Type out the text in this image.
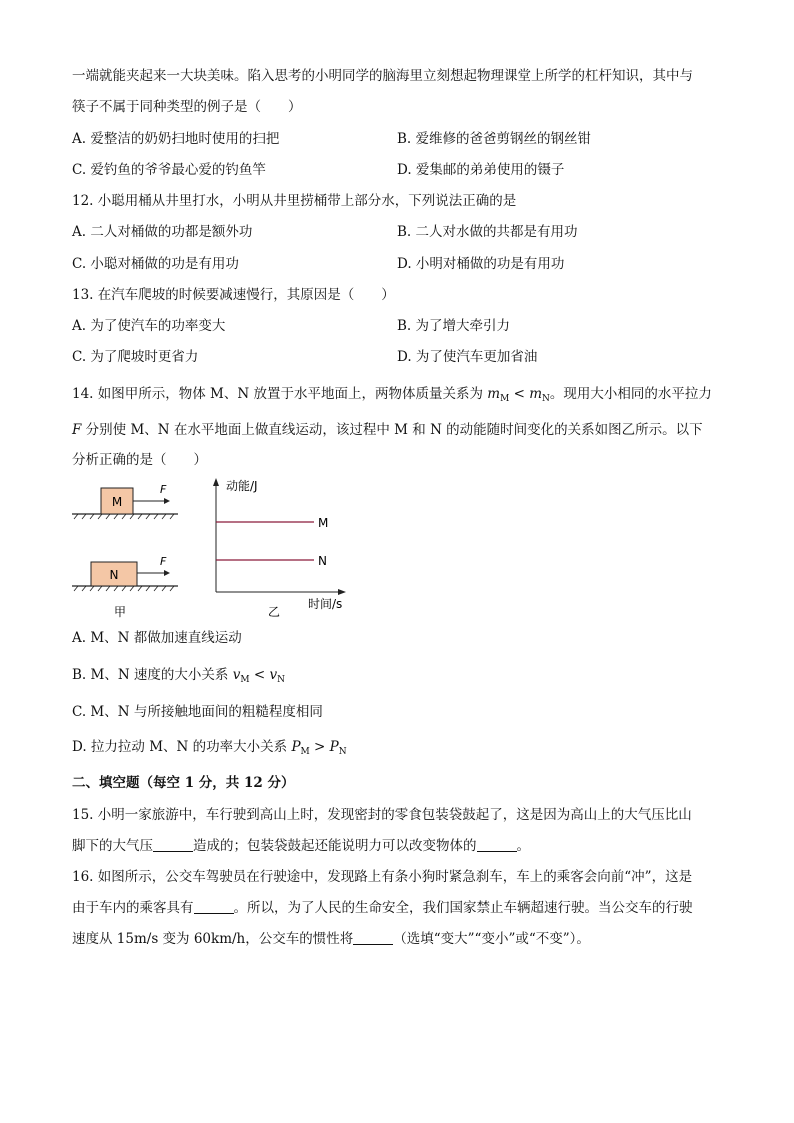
一端就能夹起来一大块美味。陷入思考的小明同学的脑海里立刻想起物理课堂上所学的杠杆知识，其中与
筷子不属于同种类型的例子是（　　）
A. 爱整洁的奶奶扫地时使用的扫把	B. 爱维修的爸爸剪钢丝的钢丝钳
C. 爱钓鱼的爷爷最心爱的钓鱼竿	D. 爱集邮的弟弟使用的镊子
12. 小聪用桶从井里打水，小明从井里捞桶带上部分水，下列说法正确的是
A. 二人对桶做的功都是额外功	B. 二人对水做的共都是有用功
C. 小聪对桶做的功是有用功	D. 小明对桶做的功是有用功
13. 在汽车爬坡的时候要减速慢行，其原因是（　　）
A. 为了使汽车的功率变大	B. 为了增大牵引力
C. 为了爬坡时更省力	D. 为了使汽车更加省油
14. 如图甲所示，物体 M、N 放置于水平地面上，两物体质量关系为 $m_M < m_N$。现用大小相同的水平拉力
F 分别使 M、N 在水平地面上做直线运动，该过程中 M 和 N 的动能随时间变化的关系如图乙所示。以下
分析正确的是（　　）
M
F
N
F
甲
动能/J
时间/s
M
N
乙
A. M、N 都做加速直线运动
B. M、N 速度的大小关系 $v_M < v_N$
C. M、N 与所接触地面间的粗糙程度相同
D. 拉力拉动 M、N 的功率大小关系 $P_M > P_N$
二、填空题（每空 1 分，共 12 分）
15. 小明一家旅游中，车行驶到高山上时，发现密封的零食包装袋鼓起了，这是因为高山上的大气压比山
脚下的大气压	造成的；包装袋鼓起还能说明力可以改变物体的	。
16. 如图所示，公交车驾驶员在行驶途中，发现路上有条小狗时紧急刹车，车上的乘客会向前“冲”，这是
由于车内的乘客具有	。所以，为了人民的生命安全，我们国家禁止车辆超速行驶。当公交车的行驶
速度从 15m/s 变为 60km/h，公交车的惯性将	（选填“变大”“变小”或“不变”）。
